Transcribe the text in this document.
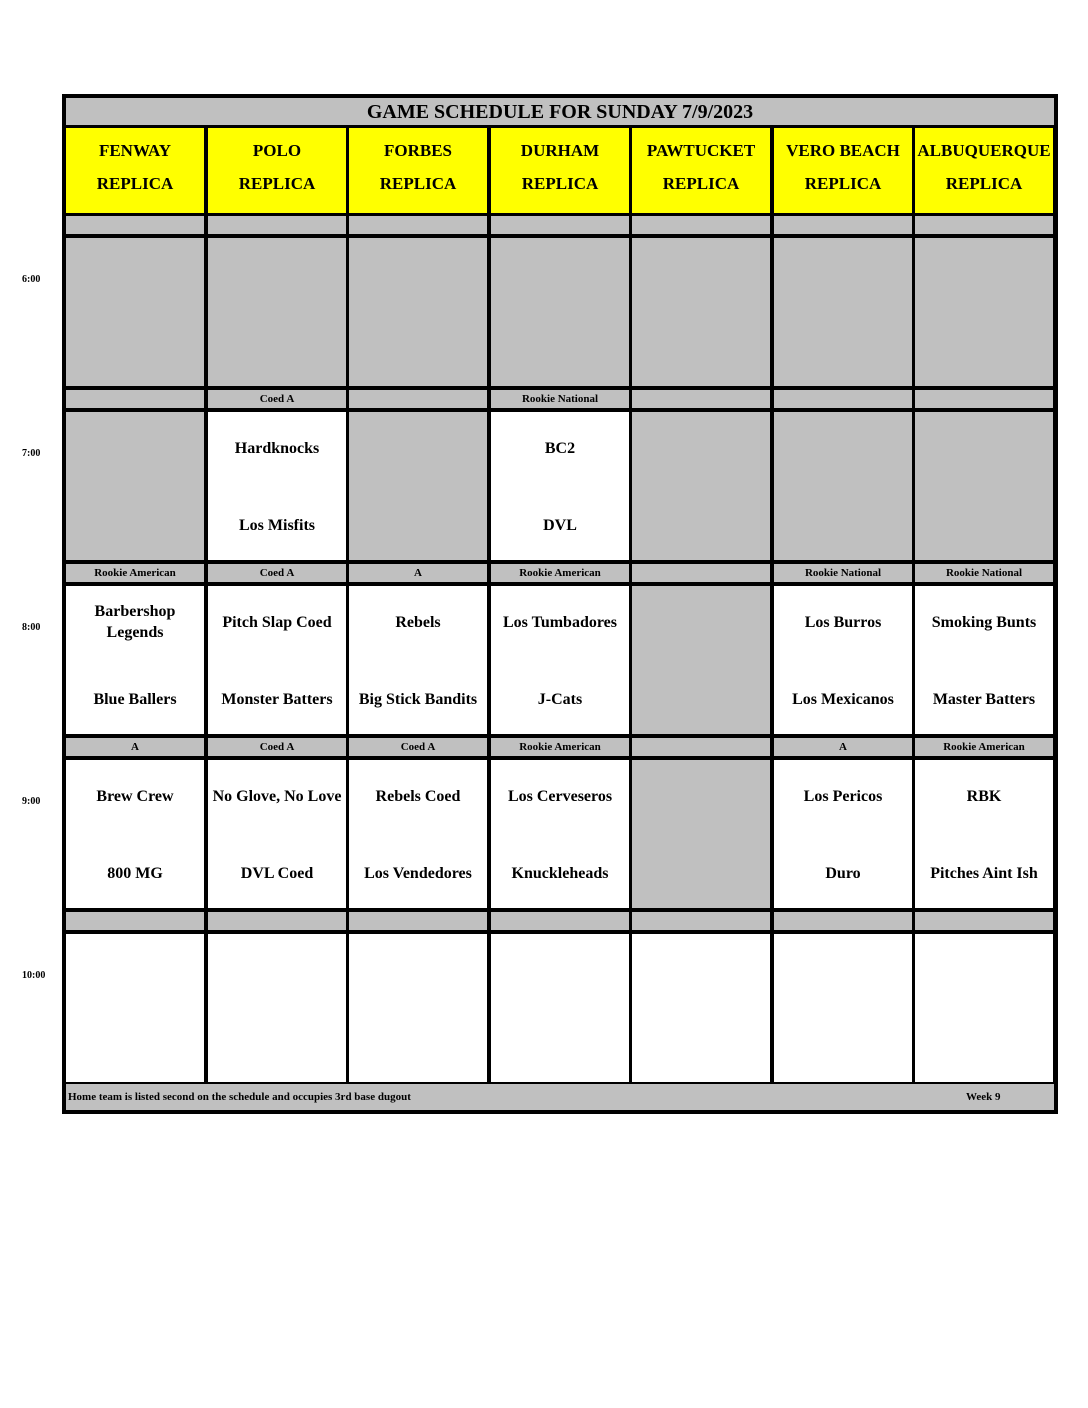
6:00
7:00
8:00
9:00
10:00
GAME SCHEDULE FOR SUNDAY 7/9/2023
FENWAY
REPLICA
Rookie American
Barbershop Legends
Blue Ballers
A
Brew Crew
800 MG
POLO
REPLICA
Coed A
Hardknocks
Los Misfits
Coed A
Pitch Slap Coed
Monster Batters
Coed A
No Glove, No Love
DVL Coed
FORBES
REPLICA
A
Rebels
Big Stick Bandits
Coed A
Rebels Coed
Los Vendedores
DURHAM
REPLICA
Rookie National
BC2
DVL
Rookie American
Los Tumbadores
J-Cats
Rookie American
Los Cerveseros
Knuckleheads
PAWTUCKET
REPLICA
VERO BEACH
REPLICA
Rookie National
Los Burros
Los Mexicanos
A
Los Pericos
Duro
ALBUQUERQUE
REPLICA
Rookie National
Smoking Bunts
Master Batters
Rookie American
RBK
Pitches Aint Ish
Home team is listed second on the schedule and occupies 3rd base dugout	Week 9
